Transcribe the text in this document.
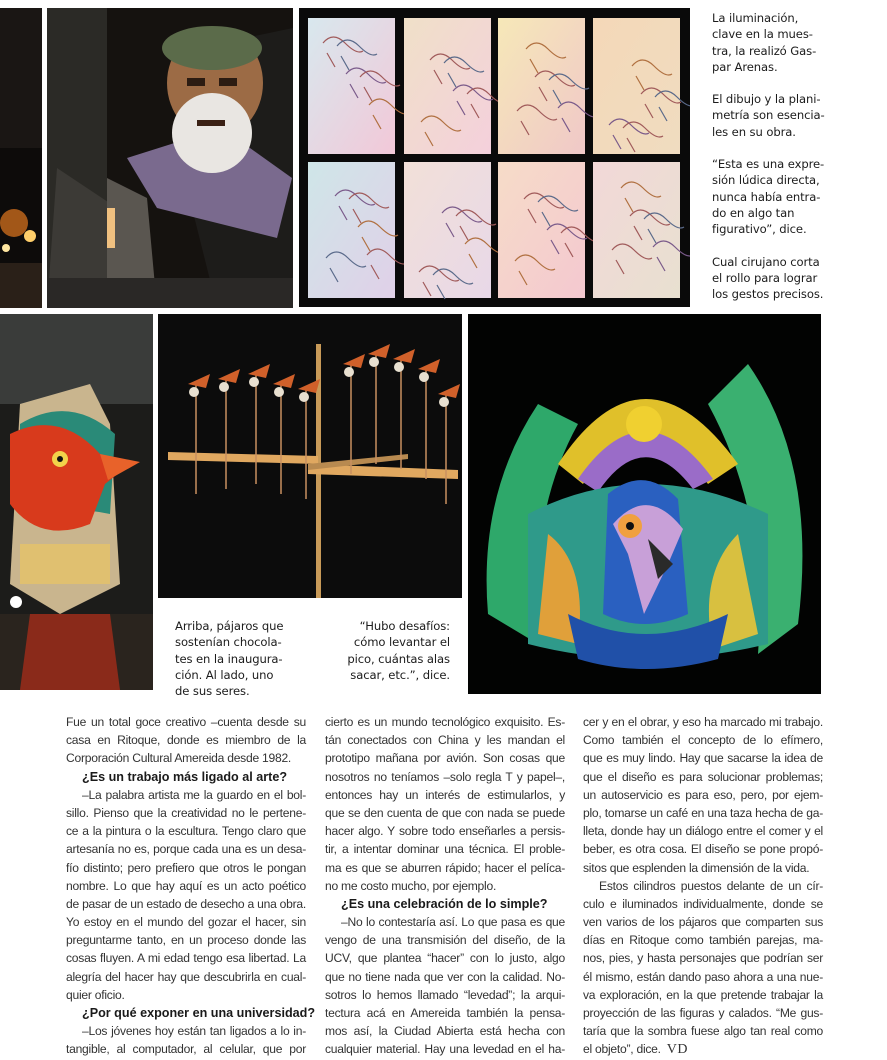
La iluminación,
clave en la mues-
tra, la realizó Gas-
par Arenas.

El dibujo y la plani-
metría son esencia-
les en su obra.

“Esta es una expre-
sión lúdica directa,
nunca había entra-
do en algo tan
figurativo”, dice.

Cual cirujano corta
el rollo para lograr
los gestos precisos.

Arriba, pájaros que
sostenían chocola-
tes en la inaugura-
ción. Al lado, uno
de sus seres.
“Hubo desafíos:
cómo levantar el
pico, cuántas alas
sacar, etc.”, dice.
Fue un total goce creativo –cuenta desde su
casa en Ritoque, donde es miembro de la
Corporación Cultural Amereida desde 1982.
¿Es un trabajo más ligado al arte?
–La palabra artista me la guardo en el bol-
sillo. Pienso que la creatividad no le pertene-
ce a la pintura o la escultura. Tengo claro que
artesanía no es, porque cada una es un desa-
fío distinto; pero prefiero que otros le pongan
nombre. Lo que hay aquí es un acto poético
de pasar de un estado de desecho a una obra.
Yo estoy en el mundo del gozar el hacer, sin
preguntarme tanto, en un proceso donde las
cosas fluyen. A mi edad tengo esa libertad. La
alegría del hacer hay que descubrirla en cual-
quier oficio.
¿Por qué exponer en una universidad?
–Los jóvenes hoy están tan ligados a lo in-
tangible, al computador, al celular, que por
cierto es un mundo tecnológico exquisito. Es-
tán conectados con China y les mandan el
prototipo mañana por avión. Son cosas que
nosotros no teníamos –solo regla T y papel–,
entonces hay un interés de estimularlos, y
que se den cuenta de que con nada se puede
hacer algo. Y sobre todo enseñarles a persis-
tir, a intentar dominar una técnica. El proble-
ma es que se aburren rápido; hacer el pelíca-
no me costo mucho, por ejemplo.
¿Es una celebración de lo simple?
–No lo contestaría así. Lo que pasa es que
vengo de una transmisión del diseño, de la
UCV, que plantea “hacer” con lo justo, algo
que no tiene nada que ver con la calidad. No-
sotros lo hemos llamado “levedad”; la arqui-
tectura acá en Amereida también la pensa-
mos así, la Ciudad Abierta está hecha con
cualquier material. Hay una levedad en el ha-
cer y en el obrar, y eso ha marcado mi trabajo.
Como también el concepto de lo efímero,
que es muy lindo. Hay que sacarse la idea de
que el diseño es para solucionar problemas;
un autoservicio es para eso, pero, por ejem-
plo, tomarse un café en una taza hecha de ga-
lleta, donde hay un diálogo entre el comer y el
beber, es otra cosa. El diseño se pone propó-
sitos que esplenden la dimensión de la vida.
Estos cilindros puestos delante de un cír-
culo e iluminados individualmente, donde se
ven varios de los pájaros que comparten sus
días en Ritoque como también parejas, ma-
nos, pies, y hasta personajes que podrían ser
él mismo, están dando paso ahora a una nue-
va exploración, en la que pretende trabajar la
proyección de las figuras y calados. “Me gus-
taría que la sombra fuese algo tan real como
el objeto”, dice. VD
